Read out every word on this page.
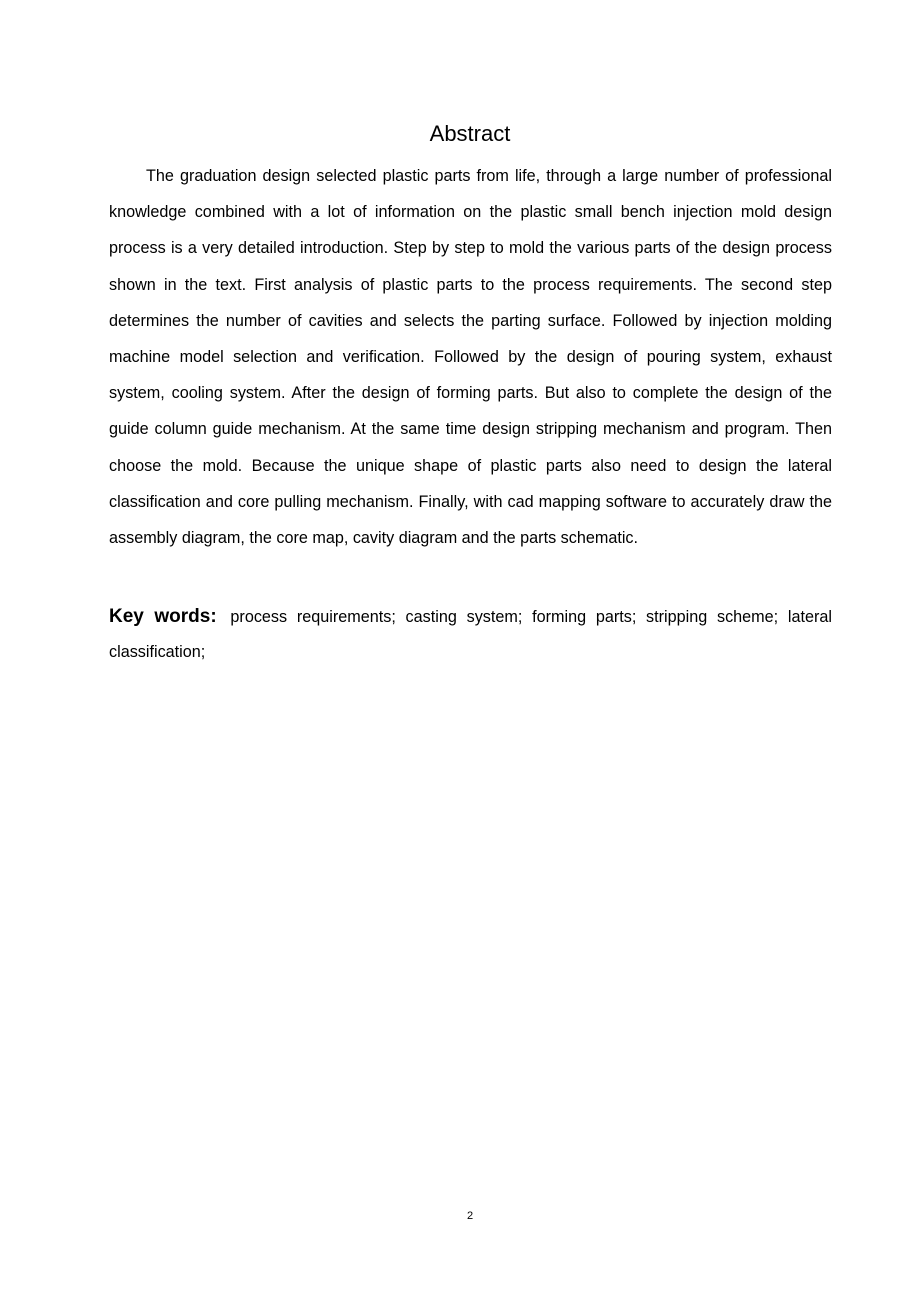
Abstract

The graduation design selected plastic parts from life, through a large number of professional knowledge combined with a lot of information on the plastic small bench injection mold design process is a very detailed introduction. Step by step to mold the various parts of the design process shown in the text. First analysis of plastic parts to the process requirements. The second step determines the number of cavities and selects the parting surface. Followed by injection molding machine model selection and verification. Followed by the design of pouring system, exhaust system, cooling system. After the design of forming parts. But also to complete the design of the guide column guide mechanism. At the same time design stripping mechanism and program. Then choose the mold. Because the unique shape of plastic parts also need to design the lateral classification and core pulling mechanism. Finally, with cad mapping software to accurately draw the assembly diagram, the core map, cavity diagram and the parts schematic.

Key words: process requirements; casting system; forming parts; stripping scheme; lateral classification;

2
